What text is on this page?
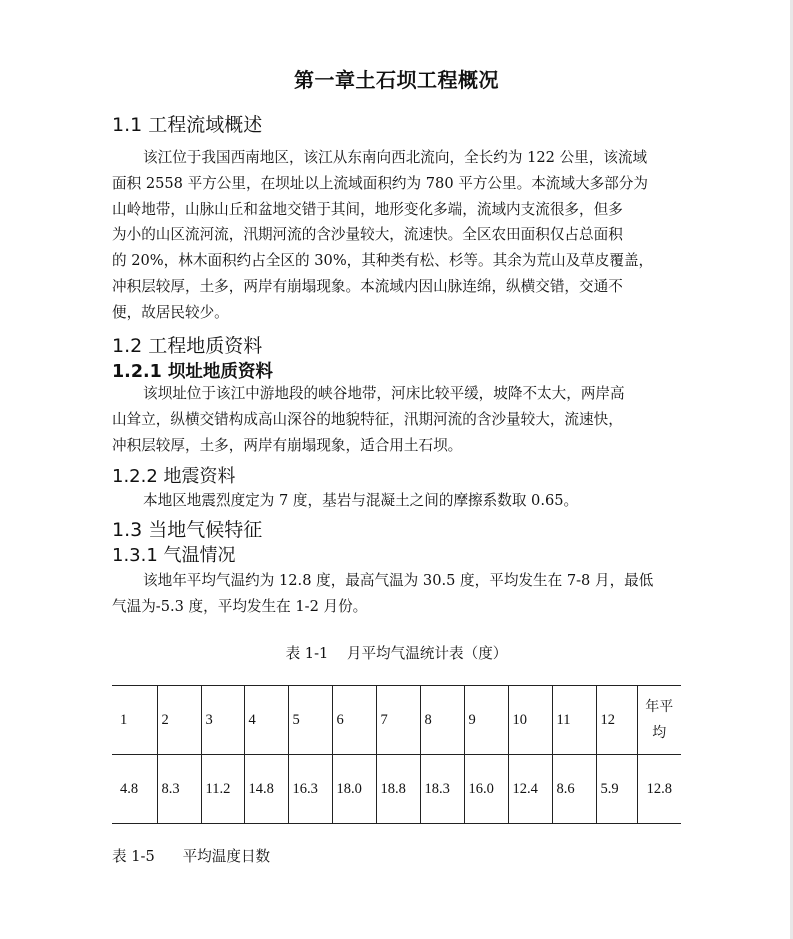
第一章土石坝工程概况
1.1 工程流域概述
该江位于我国西南地区，该江从东南向西北流向，全长约为 122 公里，该流域
面积 2558 平方公里，在坝址以上流域面积约为 780 平方公里。本流域大多部分为
山岭地带，山脉山丘和盆地交错于其间，地形变化多端，流域内支流很多，但多
为小的山区流河流，汛期河流的含沙量较大，流速快。全区农田面积仅占总面积
的 20%，林木面积约占全区的 30%，其种类有松、杉等。其余为荒山及草皮覆盖，
冲积层较厚，土多，两岸有崩塌现象。本流域内因山脉连绵，纵横交错，交通不
便，故居民较少。
1.2 工程地质资料
1.2.1 坝址地质资料
该坝址位于该江中游地段的峡谷地带，河床比较平缓，坡降不太大，两岸高
山耸立，纵横交错构成高山深谷的地貌特征，汛期河流的含沙量较大，流速快，
冲积层较厚，土多，两岸有崩塌现象，适合用土石坝。
1.2.2 地震资料
本地区地震烈度定为 7 度，基岩与混凝土之间的摩擦系数取 0.65。
1.3 当地气候特征
1.3.1 气温情况
该地年平均气温约为 12.8 度，最高气温为 30.5 度，平均发生在 7-8 月，最低
气温为-5.3 度，平均发生在 1-2 月份。
表 1-1    月平均气温统计表（度）
1	2	3	4	5	6	7	8	9	10	11	12	年平均
4.8	8.3	11.2	14.8	16.3	18.0	18.8	18.3	16.0	12.4	8.6	5.9	12.8
表 1-5      平均温度日数
